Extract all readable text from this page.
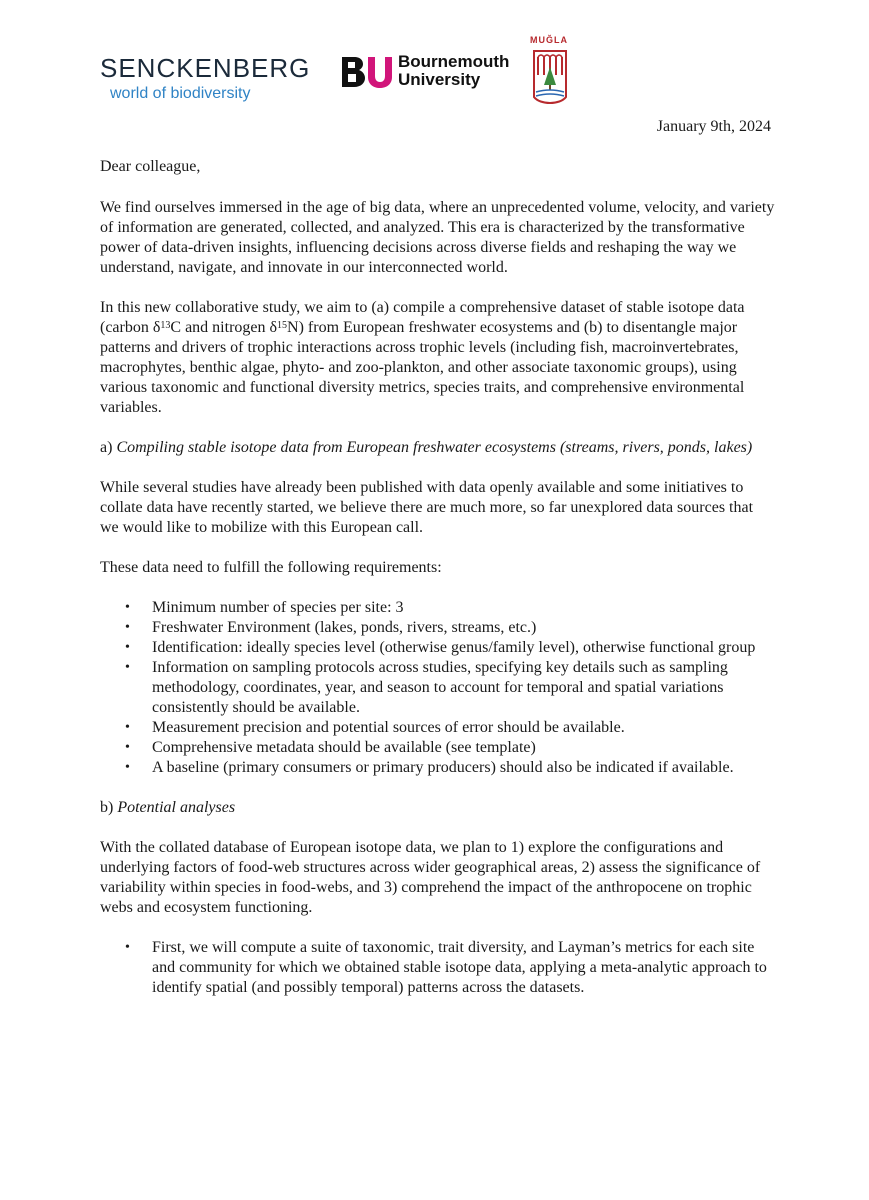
SENCKENBERG
world of biodiversity
Bournemouth
University
MUĞLA
January 9th, 2024

Dear colleague,

We find ourselves immersed in the age of big data, where an unprecedented volume, velocity, and variety of information are generated, collected, and analyzed. This era is characterized by the transformative power of data-driven insights, influencing decisions across diverse fields and reshaping the way we understand, navigate, and innovate in our interconnected world.

In this new collaborative study, we aim to (a) compile a comprehensive dataset of stable isotope data (carbon $\delta^{13}C$ and nitrogen $\delta^{15}N$) from European freshwater ecosystems and (b) to disentangle major patterns and drivers of trophic interactions across trophic levels (including fish, macroinvertebrates, macrophytes, benthic algae, phyto- and zoo-plankton, and other associate taxonomic groups), using various taxonomic and functional diversity metrics, species traits, and comprehensive environmental variables.

a) Compiling stable isotope data from European freshwater ecosystems (streams, rivers, ponds, lakes)

While several studies have already been published with data openly available and some initiatives to collate data have recently started, we believe there are much more, so far unexplored data sources that we would like to mobilize with this European call.

These data need to fulfill the following requirements:

• Minimum number of species per site: 3
• Freshwater Environment (lakes, ponds, rivers, streams, etc.)
• Identification: ideally species level (otherwise genus/family level), otherwise functional group
• Information on sampling protocols across studies, specifying key details such as sampling methodology, coordinates, year, and season to account for temporal and spatial variations consistently should be available.
• Measurement precision and potential sources of error should be available.
• Comprehensive metadata should be available (see template)
• A baseline (primary consumers or primary producers) should also be indicated if available.

b) Potential analyses

With the collated database of European isotope data, we plan to 1) explore the configurations and underlying factors of food-web structures across wider geographical areas, 2) assess the significance of variability within species in food-webs, and 3) comprehend the impact of the anthropocene on trophic webs and ecosystem functioning.

• First, we will compute a suite of taxonomic, trait diversity, and Layman’s metrics for each site and community for which we obtained stable isotope data, applying a meta-analytic approach to identify spatial (and possibly temporal) patterns across the datasets.
